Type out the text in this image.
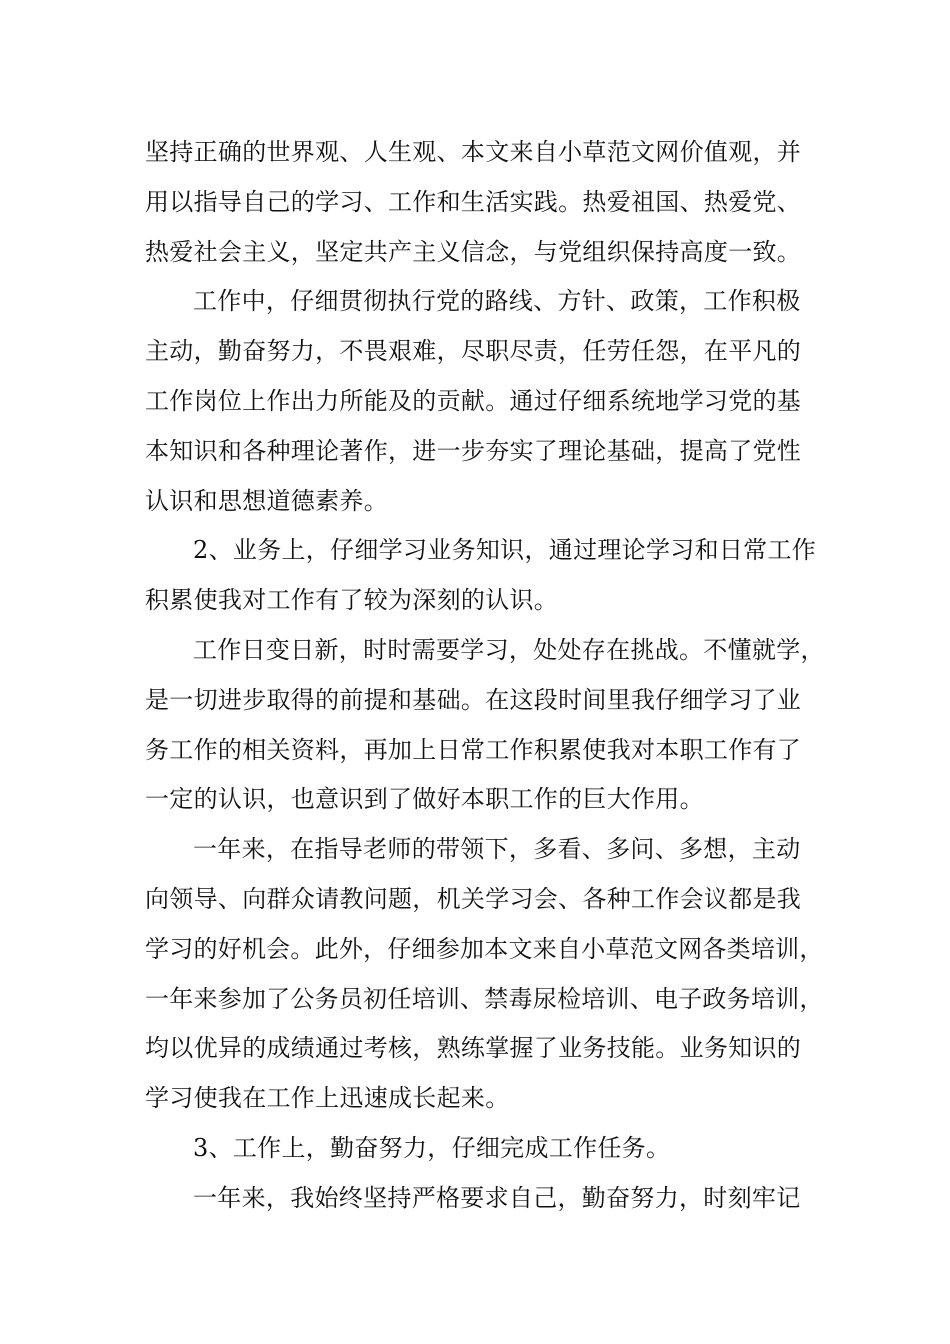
坚持正确的世界观、人生观、本文来自小草范文网价值观，并
用以指导自己的学习、工作和生活实践。热爱祖国、热爱党、
热爱社会主义，坚定共产主义信念，与党组织保持高度一致。
工作中，仔细贯彻执行党的路线、方针、政策，工作积极
主动，勤奋努力，不畏艰难，尽职尽责，任劳任怨，在平凡的
工作岗位上作出力所能及的贡献。通过仔细系统地学习党的基
本知识和各种理论著作，进一步夯实了理论基础，提高了党性
认识和思想道德素养。
2、业务上，仔细学习业务知识，通过理论学习和日常工作
积累使我对工作有了较为深刻的认识。
工作日变日新，时时需要学习，处处存在挑战。不懂就学，
是一切进步取得的前提和基础。在这段时间里我仔细学习了业
务工作的相关资料，再加上日常工作积累使我对本职工作有了
一定的认识，也意识到了做好本职工作的巨大作用。
一年来，在指导老师的带领下，多看、多问、多想，主动
向领导、向群众请教问题，机关学习会、各种工作会议都是我
学习的好机会。此外，仔细参加本文来自小草范文网各类培训，
一年来参加了公务员初任培训、禁毒尿检培训、电子政务培训，
均以优异的成绩通过考核，熟练掌握了业务技能。业务知识的
学习使我在工作上迅速成长起来。
3、工作上，勤奋努力，仔细完成工作任务。
一年来，我始终坚持严格要求自己，勤奋努力，时刻牢记
